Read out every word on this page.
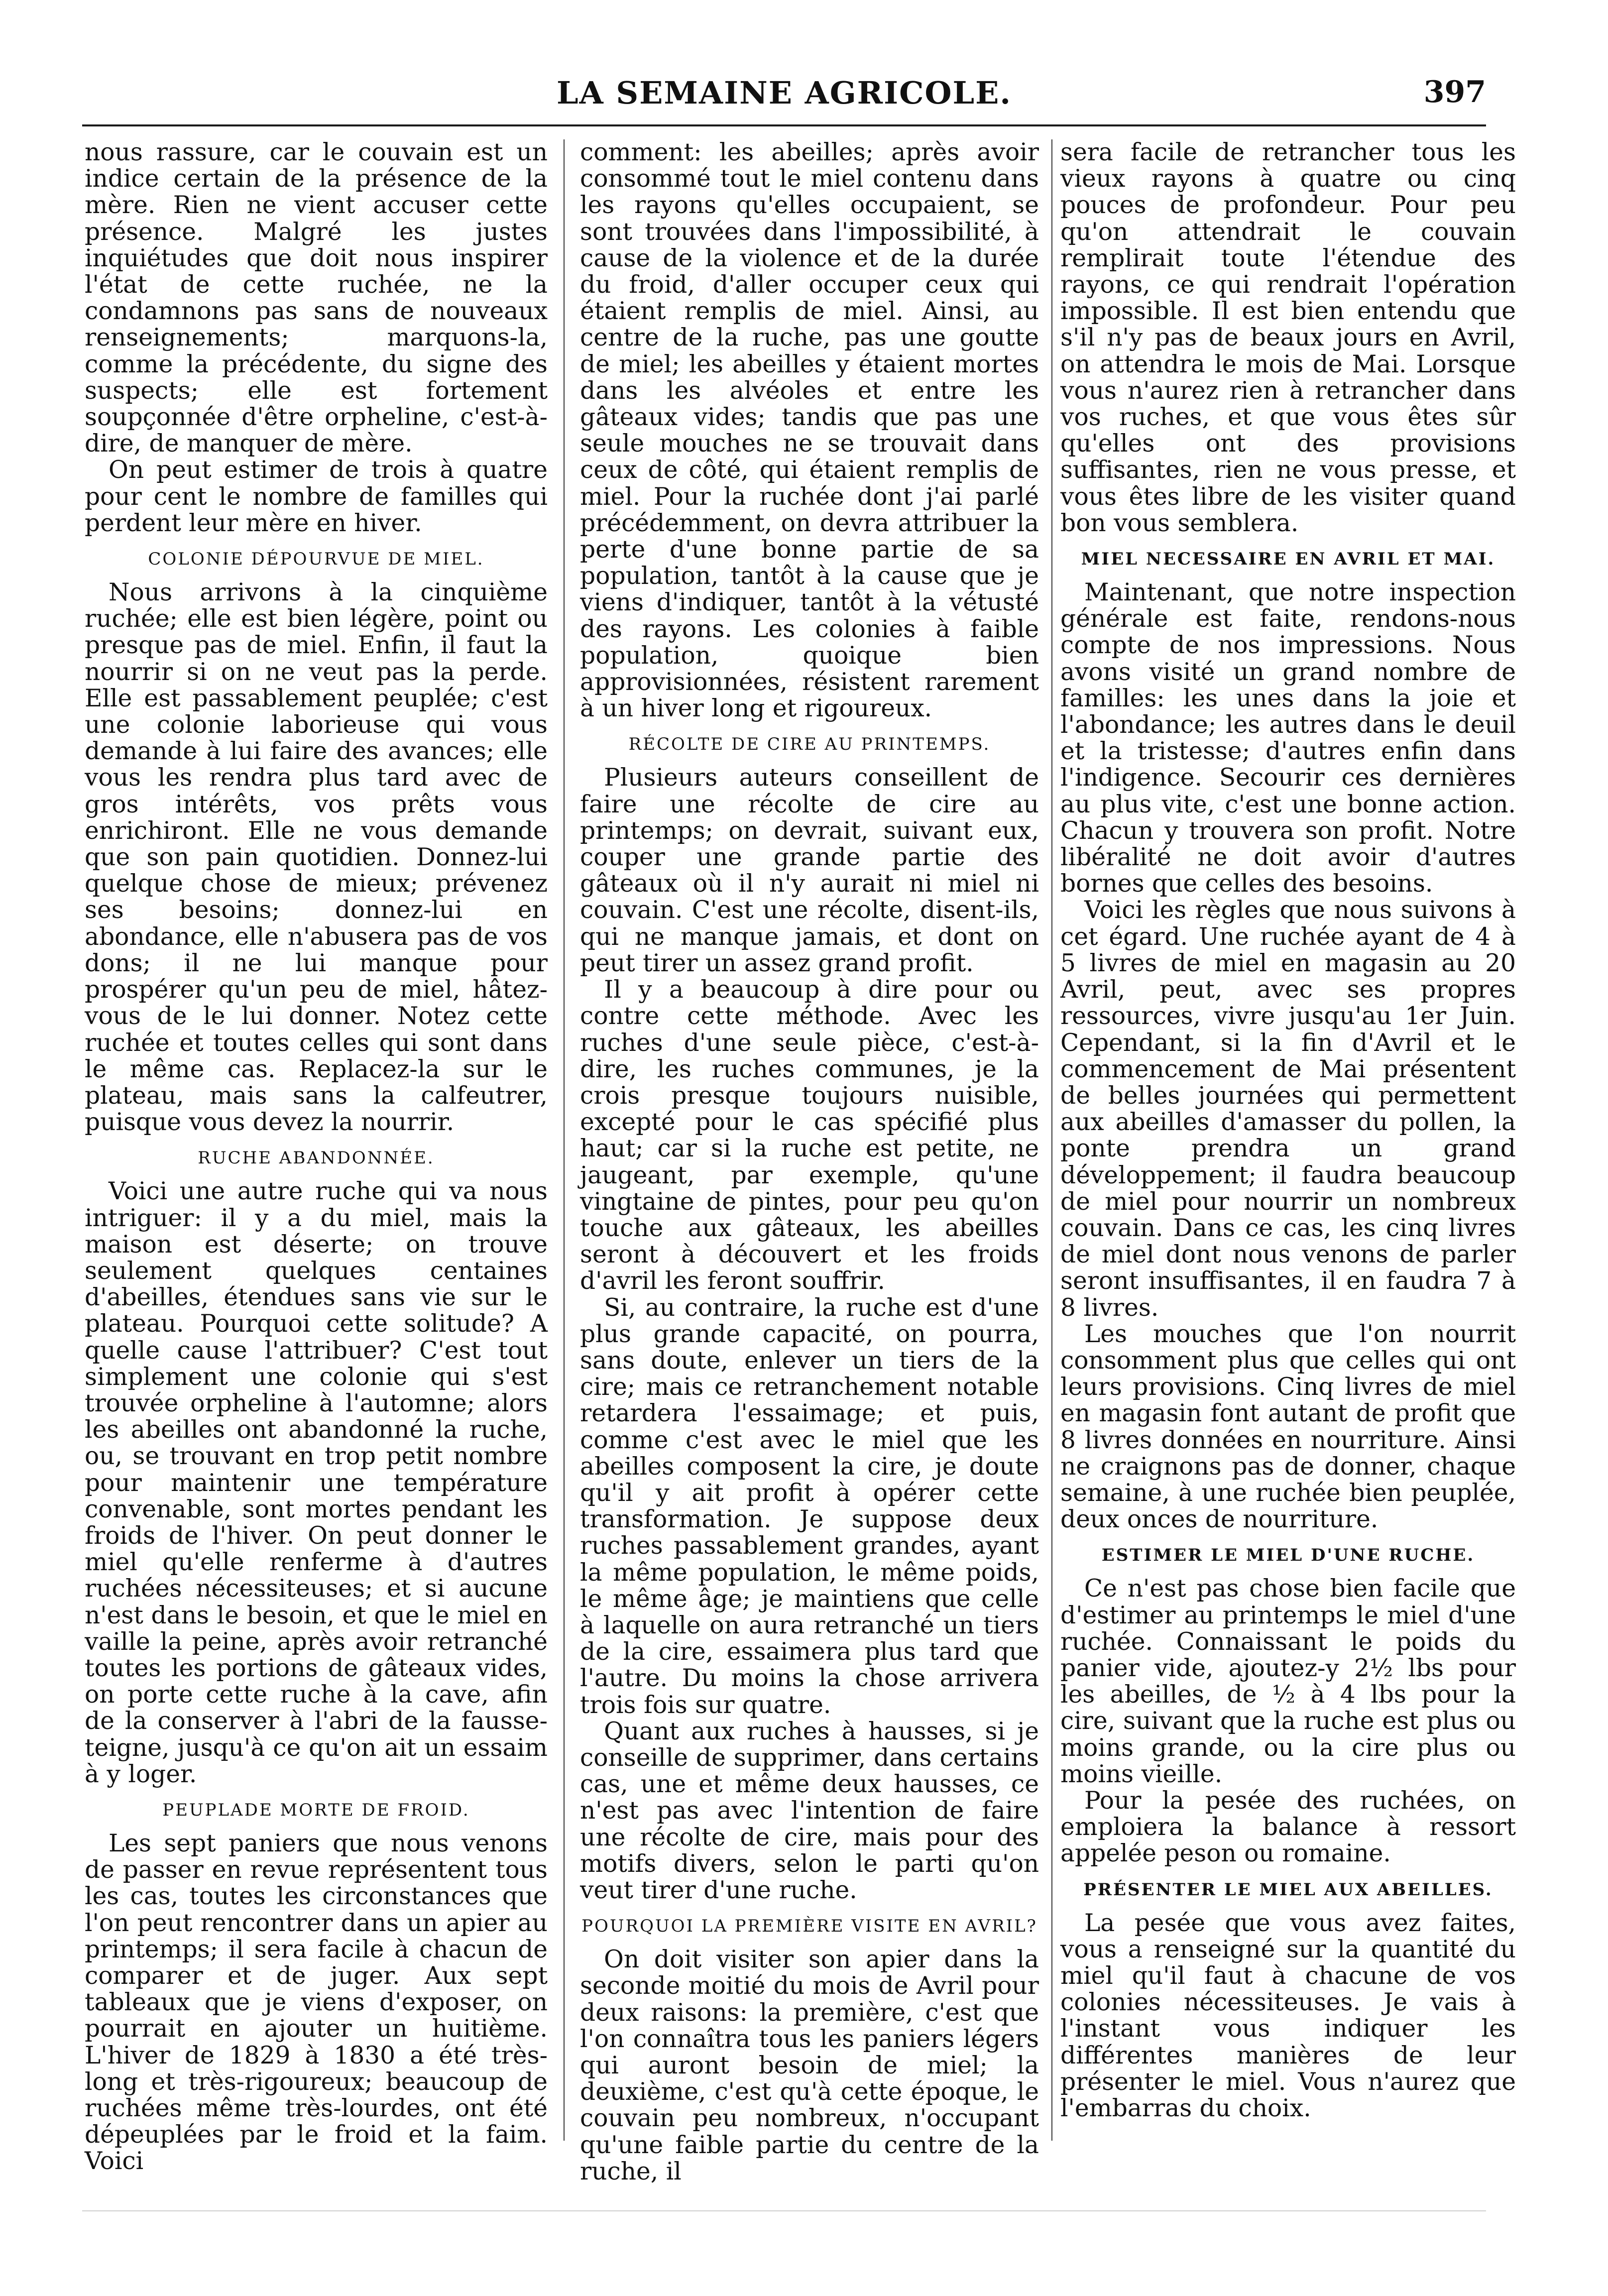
LA SEMAINE AGRICOLE.	397

nous rassure, car le couvain est un indice certain de la présence de la mère. Rien ne vient accuser cette présence. Malgré les justes inquiétudes que doit nous inspirer l'état de cette ruchée, ne la condamnons pas sans de nouveaux renseignements; marquons-la, comme la précédente, du signe des suspects; elle est fortement soupçonnée d'être orpheline, c'est-à-dire, de manquer de mère.

On peut estimer de trois à quatre pour cent le nombre de familles qui perdent leur mère en hiver.

COLONIE DÉPOURVUE DE MIEL.

Nous arrivons à la cinquième ruchée; elle est bien légère, point ou presque pas de miel. Enfin, il faut la nourrir si on ne veut pas la perde. Elle est passablement peuplée; c'est une colonie laborieuse qui vous demande à lui faire des avances; elle vous les rendra plus tard avec de gros intérêts, vos prêts vous enrichiront. Elle ne vous demande que son pain quotidien. Donnez-lui quelque chose de mieux; prévenez ses besoins; donnez-lui en abondance, elle n'abusera pas de vos dons; il ne lui manque pour prospérer qu'un peu de miel, hâtez-vous de le lui donner. Notez cette ruchée et toutes celles qui sont dans le même cas. Replacez-la sur le plateau, mais sans la calfeutrer, puisque vous devez la nourrir.

RUCHE ABANDONNÉE.

Voici une autre ruche qui va nous intriguer: il y a du miel, mais la maison est déserte; on trouve seulement quelques centaines d'abeilles, étendues sans vie sur le plateau. Pourquoi cette solitude? A quelle cause l'attribuer? C'est tout simplement une colonie qui s'est trouvée orpheline à l'automne; alors les abeilles ont abandonné la ruche, ou, se trouvant en trop petit nombre pour maintenir une température convenable, sont mortes pendant les froids de l'hiver. On peut donner le miel qu'elle renferme à d'autres ruchées nécessiteuses; et si aucune n'est dans le besoin, et que le miel en vaille la peine, après avoir retranché toutes les portions de gâteaux vides, on porte cette ruche à la cave, afin de la conserver à l'abri de la fausse-teigne, jusqu'à ce qu'on ait un essaim à y loger.

PEUPLADE MORTE DE FROID.

Les sept paniers que nous venons de passer en revue représentent tous les cas, toutes les circonstances que l'on peut rencontrer dans un apier au printemps; il sera facile à chacun de comparer et de juger. Aux sept tableaux que je viens d'exposer, on pourrait en ajouter un huitième. L'hiver de 1829 à 1830 a été très-long et très-rigoureux; beaucoup de ruchées même très-lourdes, ont été dépeuplées par le froid et la faim. Voici

comment: les abeilles; après avoir consommé tout le miel contenu dans les rayons qu'elles occupaient, se sont trouvées dans l'impossibilité, à cause de la violence et de la durée du froid, d'aller occuper ceux qui étaient remplis de miel. Ainsi, au centre de la ruche, pas une goutte de miel; les abeilles y étaient mortes dans les alvéoles et entre les gâteaux vides; tandis que pas une seule mouches ne se trouvait dans ceux de côté, qui étaient remplis de miel. Pour la ruchée dont j'ai parlé précédemment, on devra attribuer la perte d'une bonne partie de sa population, tantôt à la cause que je viens d'indiquer, tantôt à la vétusté des rayons. Les colonies à faible population, quoique bien approvisionnées, résistent rarement à un hiver long et rigoureux.

RÉCOLTE DE CIRE AU PRINTEMPS.

Plusieurs auteurs conseillent de faire une récolte de cire au printemps; on devrait, suivant eux, couper une grande partie des gâteaux où il n'y aurait ni miel ni couvain. C'est une récolte, disent-ils, qui ne manque jamais, et dont on peut tirer un assez grand profit.

Il y a beaucoup à dire pour ou contre cette méthode. Avec les ruches d'une seule pièce, c'est-à-dire, les ruches communes, je la crois presque toujours nuisible, excepté pour le cas spécifié plus haut; car si la ruche est petite, ne jaugeant, par exemple, qu'une vingtaine de pintes, pour peu qu'on touche aux gâteaux, les abeilles seront à découvert et les froids d'avril les feront souffrir.

Si, au contraire, la ruche est d'une plus grande capacité, on pourra, sans doute, enlever un tiers de la cire; mais ce retranchement notable retardera l'essaimage; et puis, comme c'est avec le miel que les abeilles composent la cire, je doute qu'il y ait profit à opérer cette transformation. Je suppose deux ruches passablement grandes, ayant la même population, le même poids, le même âge; je maintiens que celle à laquelle on aura retranché un tiers de la cire, essaimera plus tard que l'autre. Du moins la chose arrivera trois fois sur quatre.

Quant aux ruches à hausses, si je conseille de supprimer, dans certains cas, une et même deux hausses, ce n'est pas avec l'intention de faire une récolte de cire, mais pour des motifs divers, selon le parti qu'on veut tirer d'une ruche.

POURQUOI LA PREMIÈRE VISITE EN AVRIL?

On doit visiter son apier dans la seconde moitié du mois de Avril pour deux raisons: la première, c'est que l'on connaîtra tous les paniers légers qui auront besoin de miel; la deuxième, c'est qu'à cette époque, le couvain peu nombreux, n'occupant qu'une faible partie du centre de la ruche, il

sera facile de retrancher tous les vieux rayons à quatre ou cinq pouces de profondeur. Pour peu qu'on attendrait le couvain remplirait toute l'étendue des rayons, ce qui rendrait l'opération impossible. Il est bien entendu que s'il n'y pas de beaux jours en Avril, on attendra le mois de Mai. Lorsque vous n'aurez rien à retrancher dans vos ruches, et que vous êtes sûr qu'elles ont des provisions suffisantes, rien ne vous presse, et vous êtes libre de les visiter quand bon vous semblera.

MIEL NECESSAIRE EN AVRIL ET MAI.

Maintenant, que notre inspection générale est faite, rendons-nous compte de nos impressions. Nous avons visité un grand nombre de familles: les unes dans la joie et l'abondance; les autres dans le deuil et la tristesse; d'autres enfin dans l'indigence. Secourir ces dernières au plus vite, c'est une bonne action. Chacun y trouvera son profit. Notre libéralité ne doit avoir d'autres bornes que celles des besoins.

Voici les règles que nous suivons à cet égard. Une ruchée ayant de 4 à 5 livres de miel en magasin au 20 Avril, peut, avec ses propres ressources, vivre jusqu'au 1er Juin. Cependant, si la fin d'Avril et le commencement de Mai présentent de belles journées qui permettent aux abeilles d'amasser du pollen, la ponte prendra un grand développement; il faudra beaucoup de miel pour nourrir un nombreux couvain. Dans ce cas, les cinq livres de miel dont nous venons de parler seront insuffisantes, il en faudra 7 à 8 livres.

Les mouches que l'on nourrit consomment plus que celles qui ont leurs provisions. Cinq livres de miel en magasin font autant de profit que 8 livres données en nourriture. Ainsi ne craignons pas de donner, chaque semaine, à une ruchée bien peuplée, deux onces de nourriture.

ESTIMER LE MIEL D'UNE RUCHE.

Ce n'est pas chose bien facile que d'estimer au printemps le miel d'une ruchée. Connaissant le poids du panier vide, ajoutez-y 2½ lbs pour les abeilles, de ½ à 4 lbs pour la cire, suivant que la ruche est plus ou moins grande, ou la cire plus ou moins vieille.

Pour la pesée des ruchées, on emploiera la balance à ressort appelée peson ou romaine.

PRÉSENTER LE MIEL AUX ABEILLES.

La pesée que vous avez faites, vous a renseigné sur la quantité du miel qu'il faut à chacune de vos colonies nécessiteuses. Je vais à l'instant vous indiquer les différentes manières de leur présenter le miel. Vous n'aurez que l'embarras du choix.
